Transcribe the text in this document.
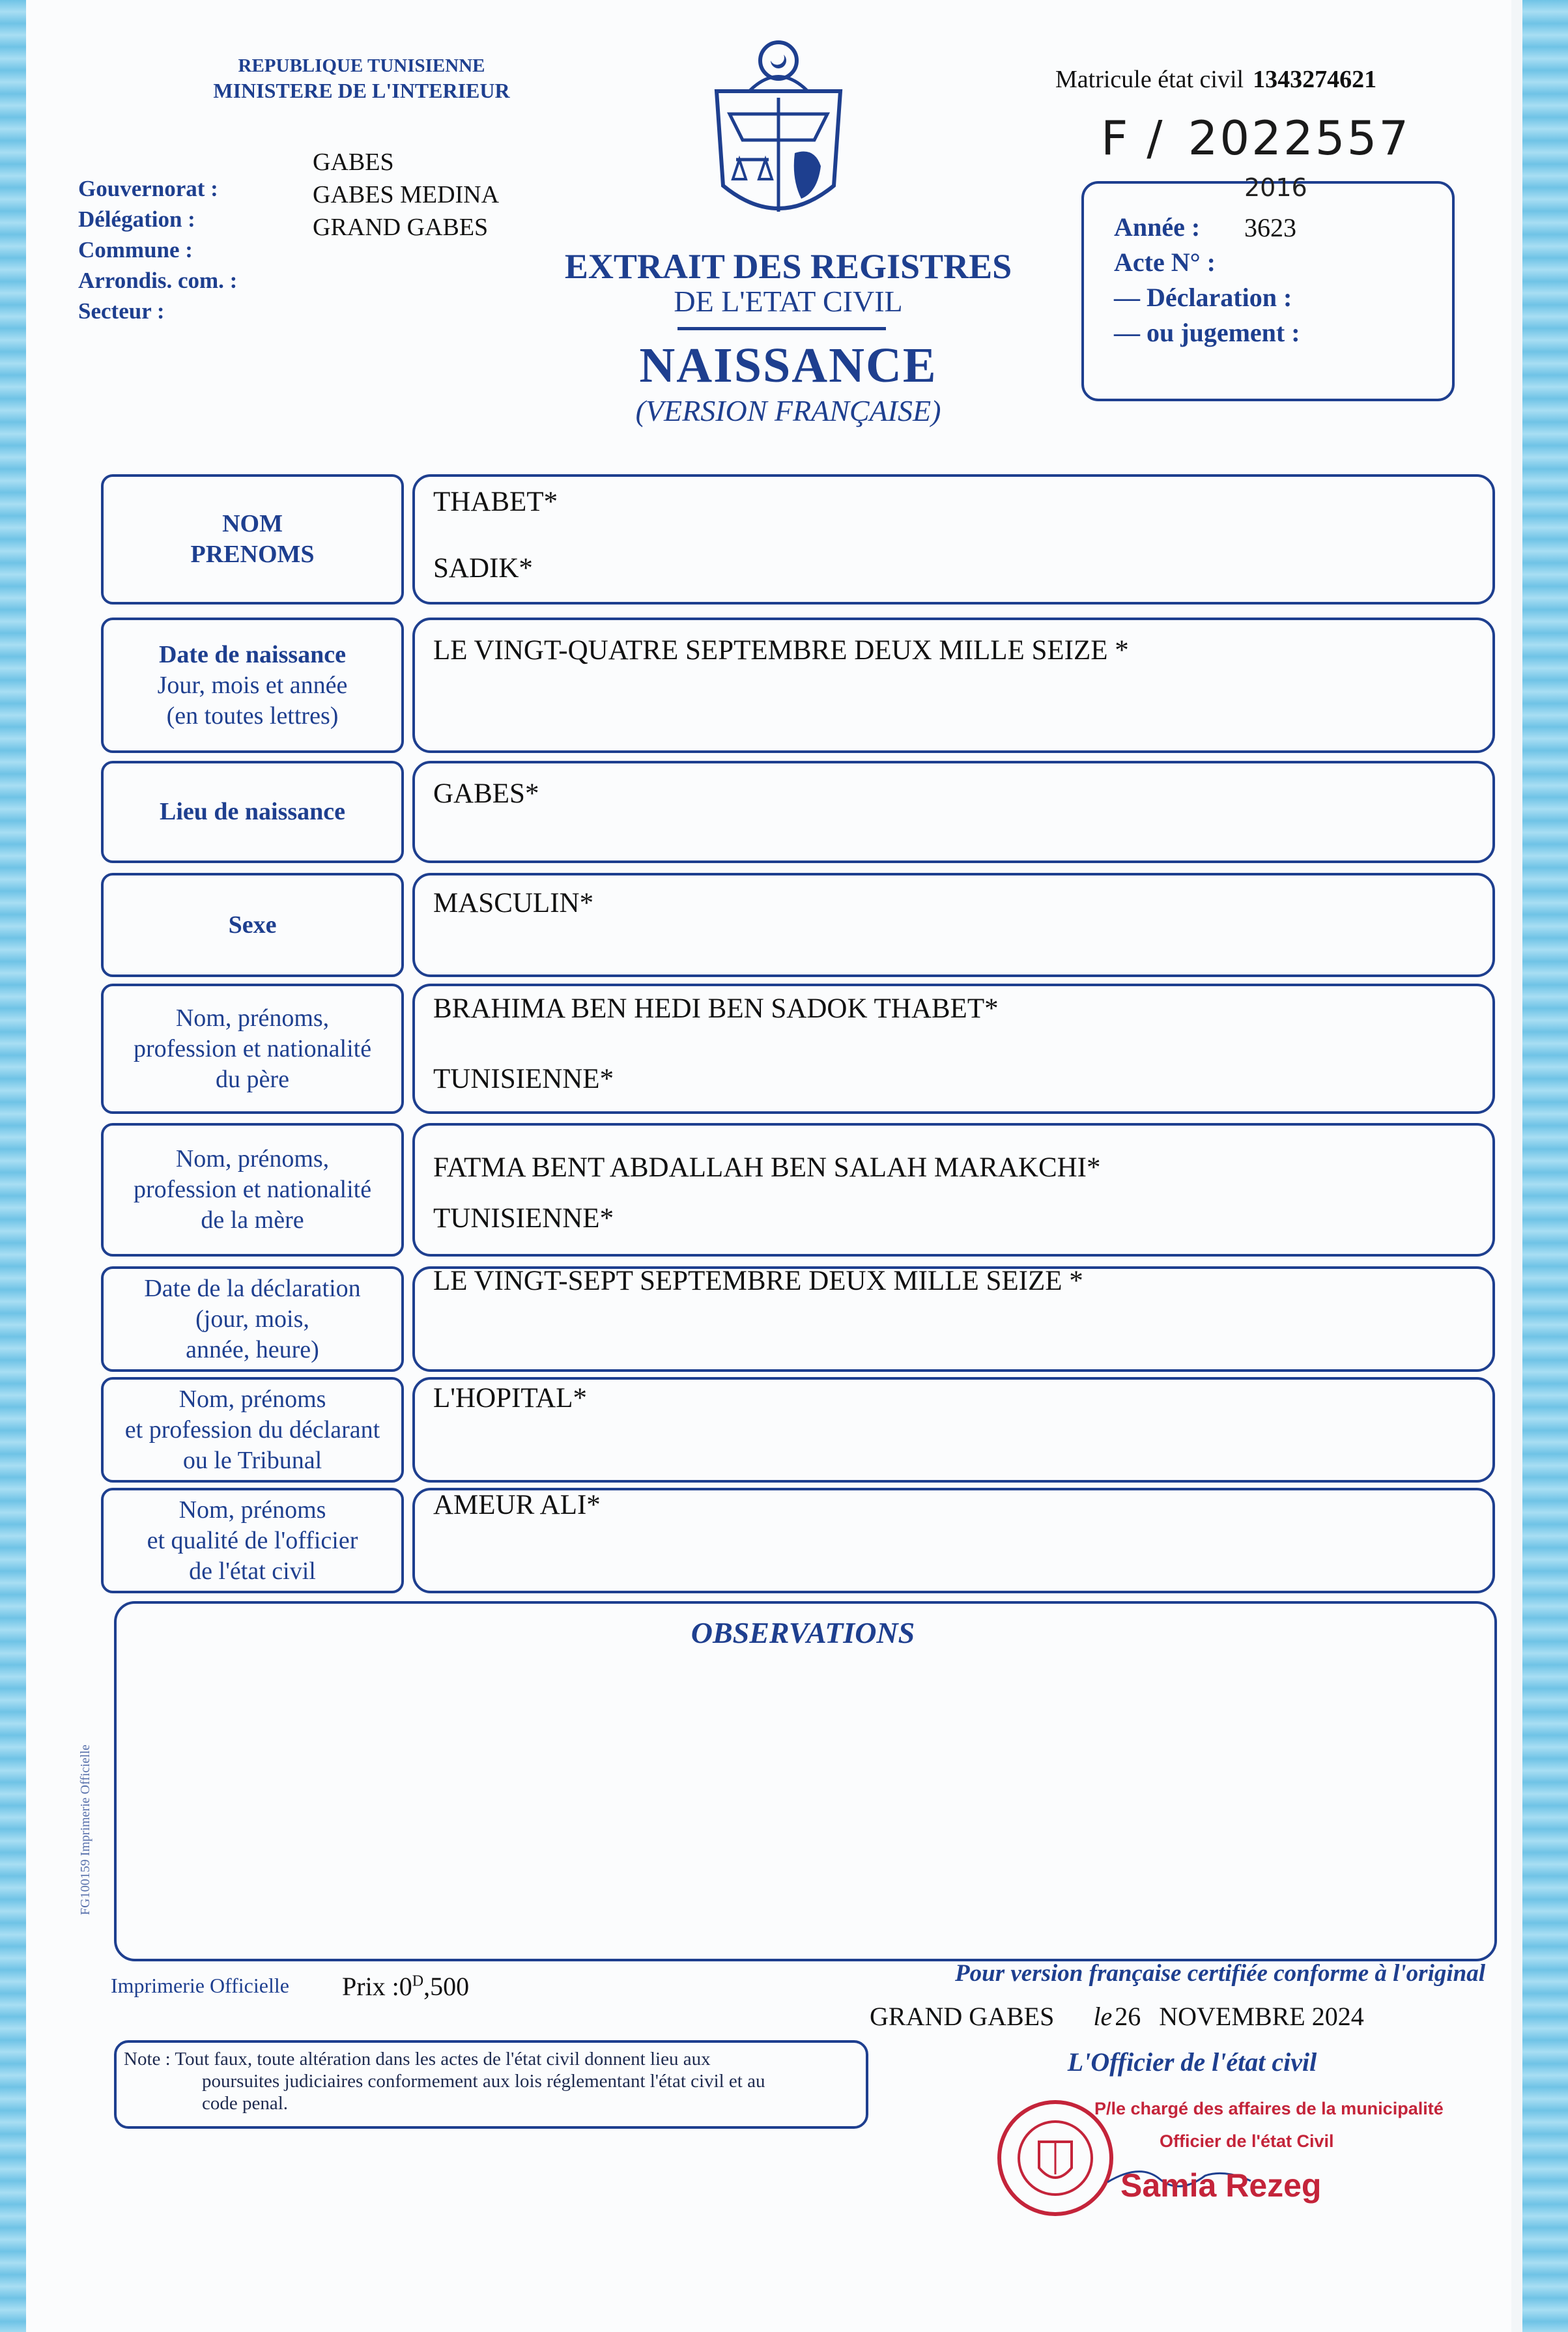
REPUBLIQUE TUNISIENNE
MINISTERE DE L'INTERIEUR
Gouvernorat :
Délégation :
Commune :
Arrondis. com. :
Secteur :
GABES
GABES MEDINA
GRAND GABES
Matricule état civil 1343274621
F / 2022557
2016
Année :
Acte N° :
— Déclaration :
— ou jugement :
3623
EXTRAIT DES REGISTRES
DE L'ETAT CIVIL
NAISSANCE
(VERSION FRANÇAISE)
NOM
PRENOMS
THABET*
SADIK*
Date de naissance
Jour, mois et année
(en toutes lettres)
LE VINGT-QUATRE SEPTEMBRE DEUX MILLE SEIZE *
Lieu de naissance
GABES*
Sexe
MASCULIN*
Nom, prénoms,
profession et nationalité
du père
BRAHIMA BEN HEDI BEN SADOK THABET*
TUNISIENNE*
Nom, prénoms,
profession et nationalité
de la mère
FATMA BENT ABDALLAH BEN SALAH MARAKCHI*
TUNISIENNE*
Date de la déclaration
(jour, mois,
année, heure)
LE VINGT-SEPT SEPTEMBRE DEUX MILLE SEIZE *
Nom, prénoms
et profession du déclarant
ou le Tribunal
L'HOPITAL*
Nom, prénoms
et qualité de l'officier
de l'état civil
AMEUR ALI*
OBSERVATIONS
FG100159 Imprimerie Officielle
Imprimerie Officielle Prix $:0^D,500$
Note : Tout faux, toute altération dans les actes de l'état civil donnent lieu aux
poursuites judiciaires conformement aux lois réglementant l'état civil et au
code penal.
Pour version française certifiée conforme à l'original
GRAND GABES le 26 NOVEMBRE 2024
L'Officier de l'état civil
P/le chargé des affaires de la municipalité
Officier de l'état Civil
Samia Rezeg
